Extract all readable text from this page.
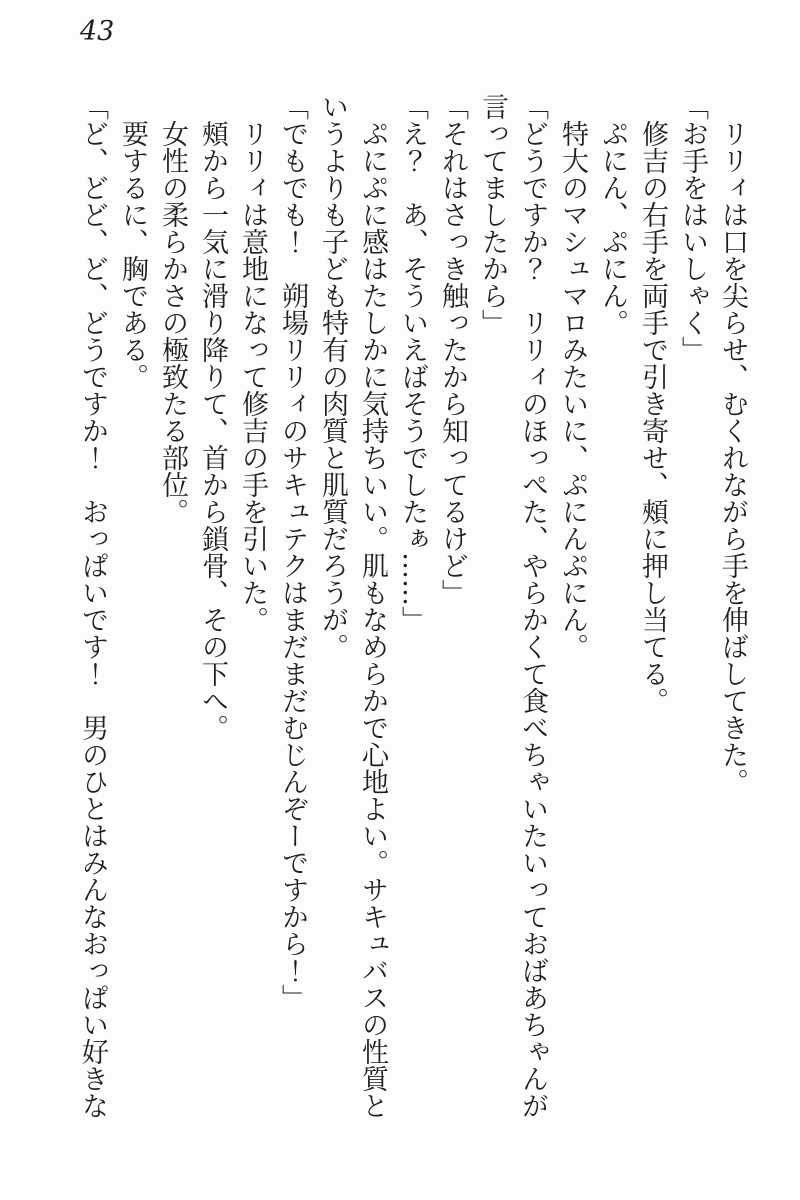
43

　リリィは口を尖らせ、むくれながら手を伸ばしてきた。

「お手をはいしゃく」

　修吉の右手を両手で引き寄せ、頰に押し当てる。

　ぷにん、ぷにん。

　特大のマシュマロみたいに、ぷにんぷにん。

「どうですか？　リリィのほっぺた、やらかくて食べちゃいたいっておばあちゃんが言ってましたから」

「それはさっき触ったから知ってるけど」

「え？　あ、そういえばそうでしたぁ……」

　ぷにぷに感はたしかに気持ちいい。肌もなめらかで心地よい。サキュバスの性質というよりも子ども特有の肉質と肌質だろうが。

「でもでも！　朔場リリィのサキュテクはまだまだむじんぞーですから！」

　リリィは意地になって修吉の手を引いた。

　頰から一気に滑り降りて、首から鎖骨、その下へ。

　女性の柔らかさの極致たる部位。

　要するに、胸である。

「ど、どど、ど、どうですか！　おっぱいです！　男のひとはみんなおっぱい好きな
